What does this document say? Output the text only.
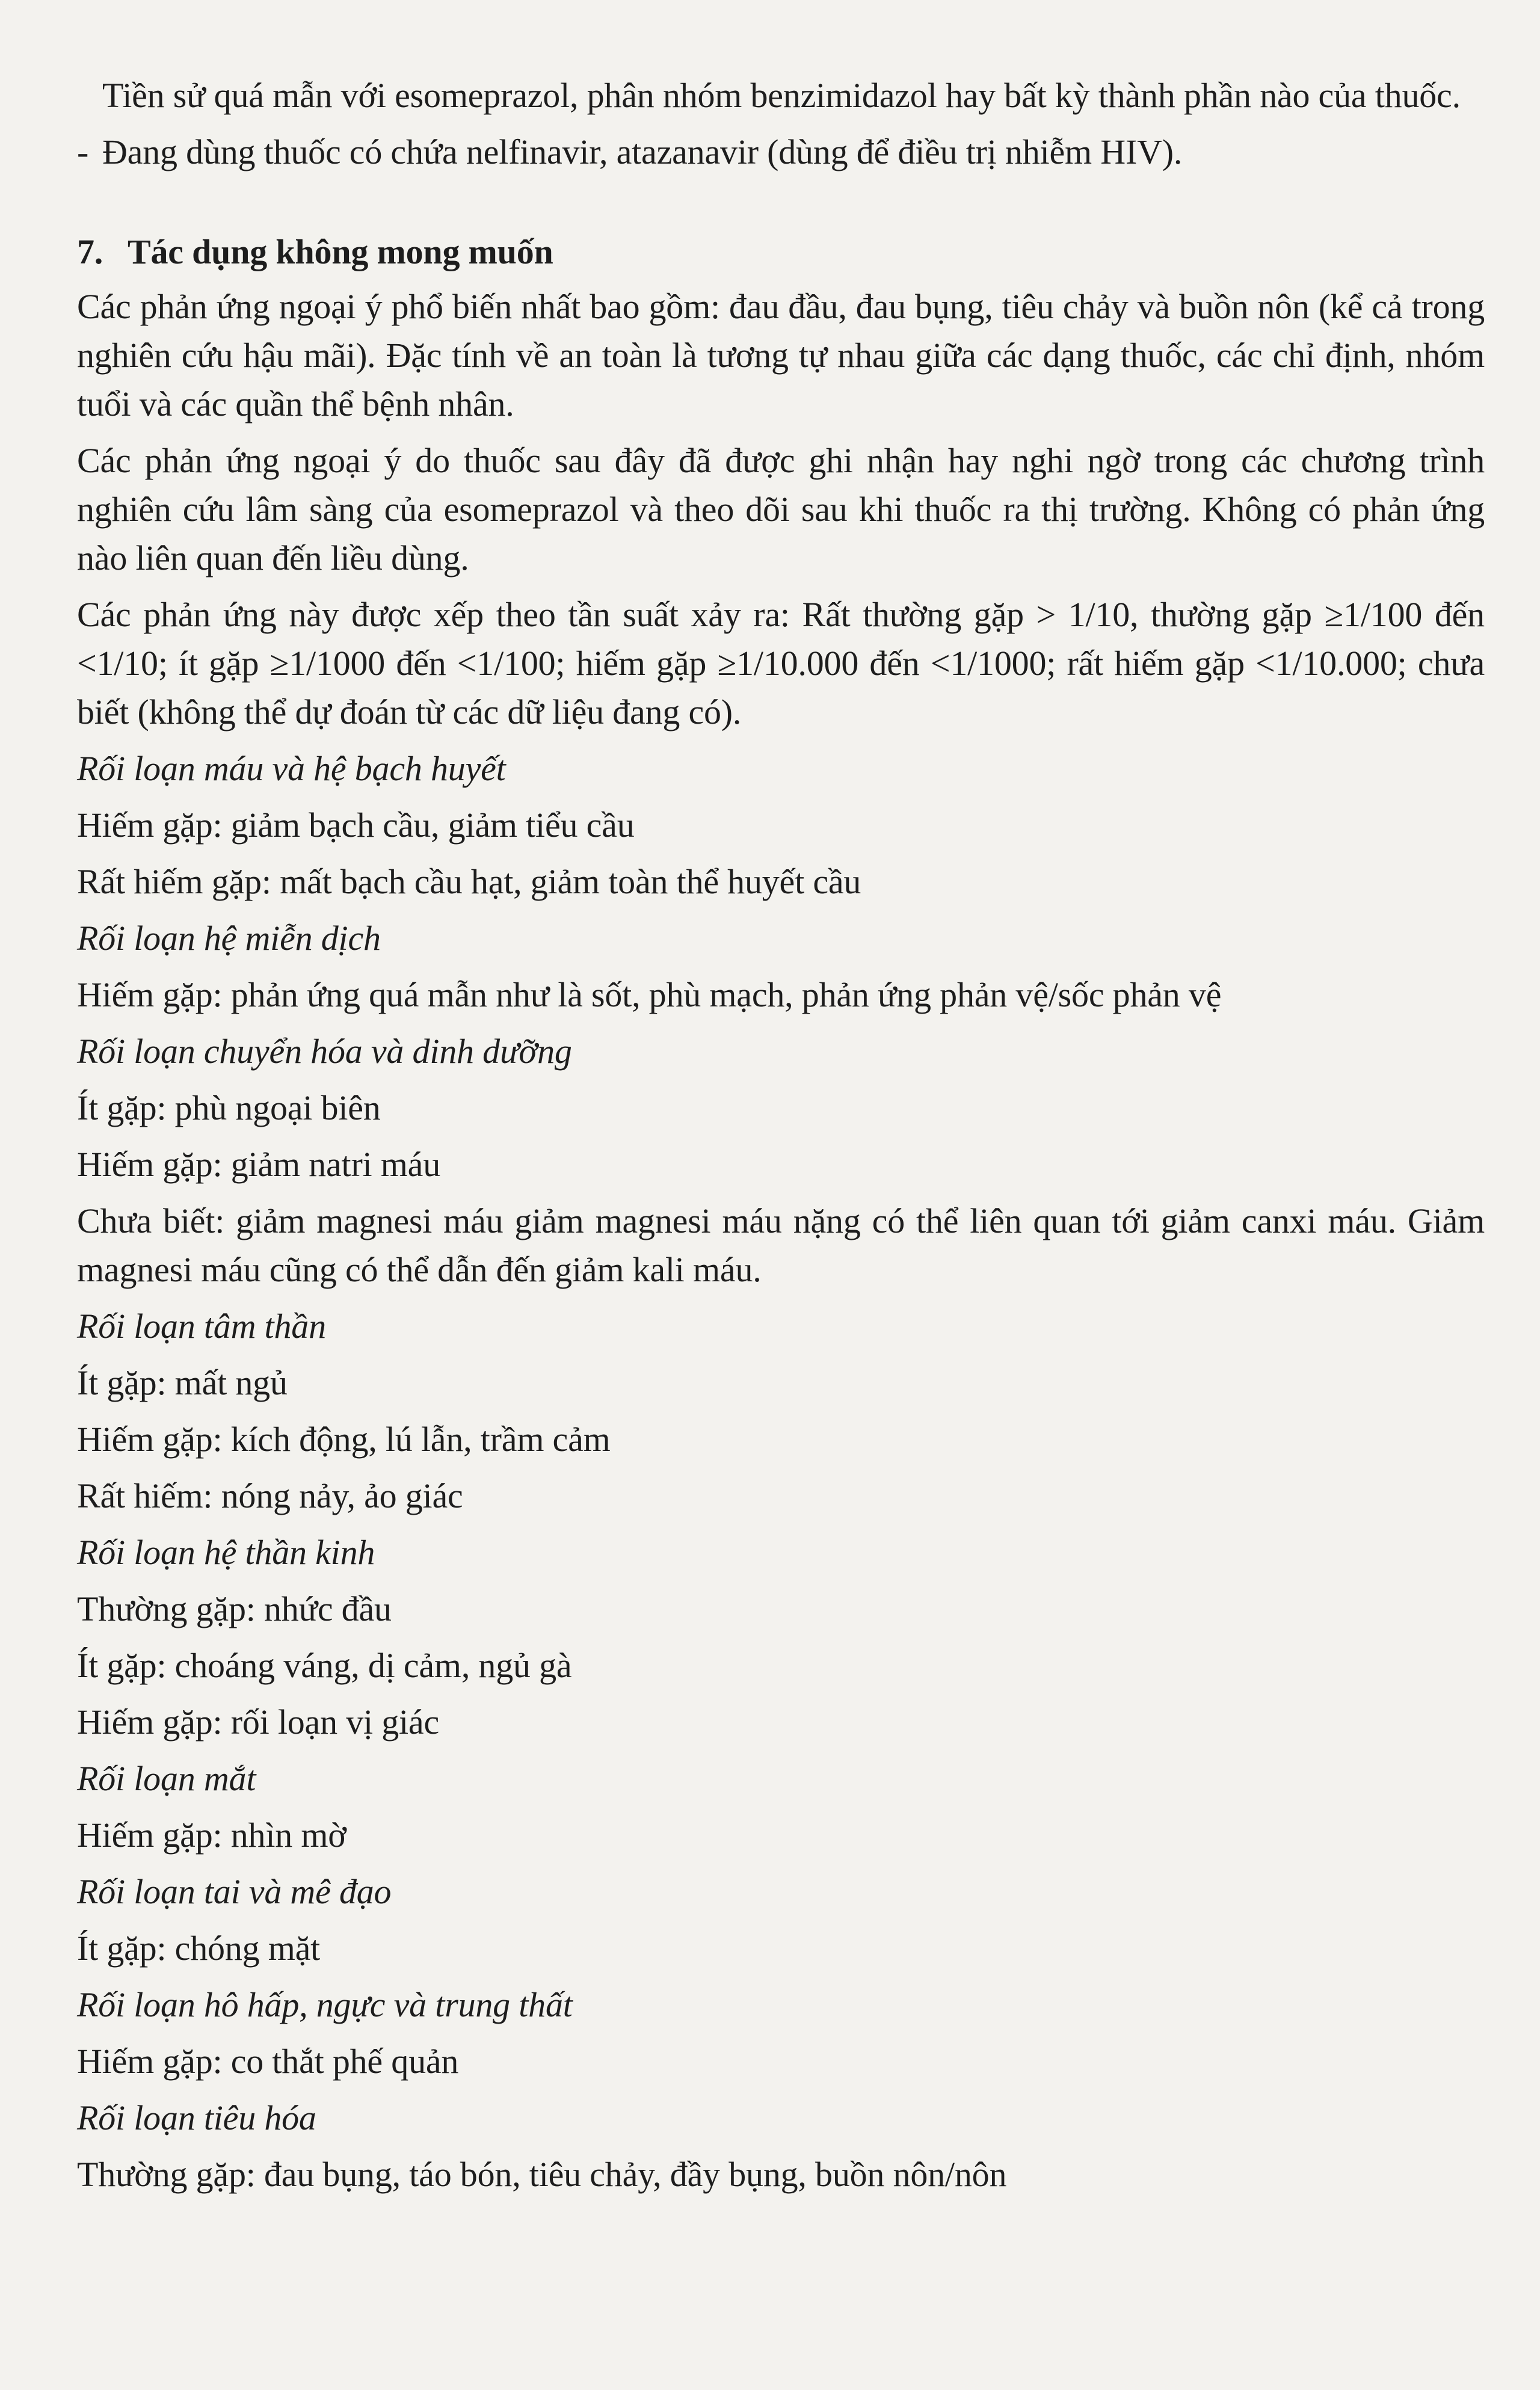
Tiền sử quá mẫn với esomeprazol, phân nhóm benzimidazol hay bất kỳ thành phần nào của thuốc.

- Đang dùng thuốc có chứa nelfinavir, atazanavir (dùng để điều trị nhiễm HIV).

7. Tác dụng không mong muốn

Các phản ứng ngoại ý phổ biến nhất bao gồm: đau đầu, đau bụng, tiêu chảy và buồn nôn (kể cả trong nghiên cứu hậu mãi). Đặc tính về an toàn là tương tự nhau giữa các dạng thuốc, các chỉ định, nhóm tuổi và các quần thể bệnh nhân.

Các phản ứng ngoại ý do thuốc sau đây đã được ghi nhận hay nghi ngờ trong các chương trình nghiên cứu lâm sàng của esomeprazol và theo dõi sau khi thuốc ra thị trường. Không có phản ứng nào liên quan đến liều dùng.

Các phản ứng này được xếp theo tần suất xảy ra: Rất thường gặp > 1/10, thường gặp ≥1/100 đến <1/10; ít gặp ≥1/1000 đến <1/100; hiếm gặp ≥1/10.000 đến <1/1000; rất hiếm gặp <1/10.000; chưa biết (không thể dự đoán từ các dữ liệu đang có).

Rối loạn máu và hệ bạch huyết
Hiếm gặp: giảm bạch cầu, giảm tiểu cầu
Rất hiếm gặp: mất bạch cầu hạt, giảm toàn thể huyết cầu
Rối loạn hệ miễn dịch
Hiếm gặp: phản ứng quá mẫn như là sốt, phù mạch, phản ứng phản vệ/sốc phản vệ
Rối loạn chuyển hóa và dinh dưỡng
Ít gặp: phù ngoại biên
Hiếm gặp: giảm natri máu

Chưa biết: giảm magnesi máu giảm magnesi máu nặng có thể liên quan tới giảm canxi máu. Giảm magnesi máu cũng có thể dẫn đến giảm kali máu.

Rối loạn tâm thần
Ít gặp: mất ngủ
Hiếm gặp: kích động, lú lẫn, trầm cảm
Rất hiếm: nóng nảy, ảo giác
Rối loạn hệ thần kinh
Thường gặp: nhức đầu
Ít gặp: choáng váng, dị cảm, ngủ gà
Hiếm gặp: rối loạn vị giác
Rối loạn mắt
Hiếm gặp: nhìn mờ
Rối loạn tai và mê đạo
Ít gặp: chóng mặt
Rối loạn hô hấp, ngực và trung thất
Hiếm gặp: co thắt phế quản
Rối loạn tiêu hóa
Thường gặp: đau bụng, táo bón, tiêu chảy, đầy bụng, buồn nôn/nôn
